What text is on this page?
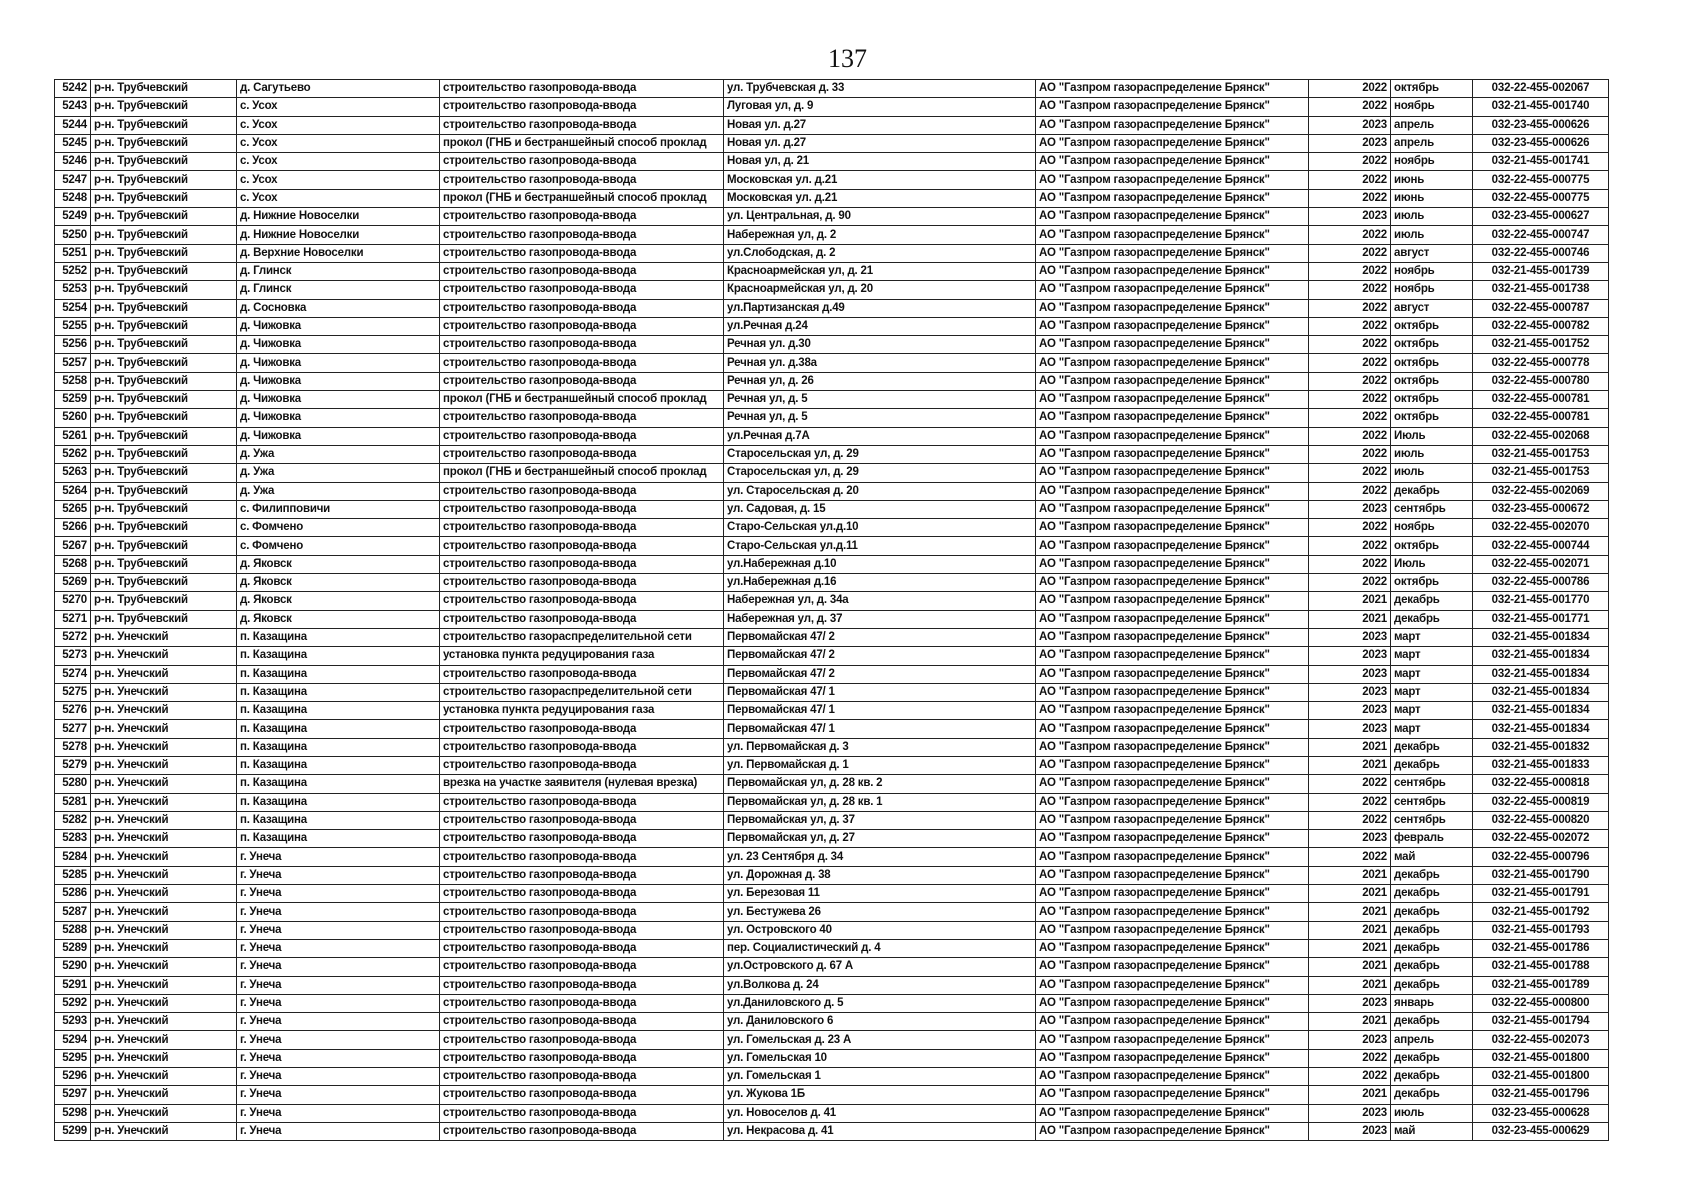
137
5242	р-н. Трубчевский	д. Сагутьево	строительство газопровода-ввода	ул. Трубчевская д. 33	АО "Газпром газораспределение Брянск"	2022	октябрь	032-22-455-002067
5243	р-н. Трубчевский	с. Усох	строительство газопровода-ввода	Луговая ул, д. 9	АО "Газпром газораспределение Брянск"	2022	ноябрь	032-21-455-001740
5244	р-н. Трубчевский	с. Усох	строительство газопровода-ввода	Новая ул. д.27	АО "Газпром газораспределение Брянск"	2023	апрель	032-23-455-000626
5245	р-н. Трубчевский	с. Усох	прокол (ГНБ и бестраншейный способ проклад	Новая ул. д.27	АО "Газпром газораспределение Брянск"	2023	апрель	032-23-455-000626
5246	р-н. Трубчевский	с. Усох	строительство газопровода-ввода	Новая ул, д. 21	АО "Газпром газораспределение Брянск"	2022	ноябрь	032-21-455-001741
5247	р-н. Трубчевский	с. Усох	строительство газопровода-ввода	Московская ул. д.21	АО "Газпром газораспределение Брянск"	2022	июнь	032-22-455-000775
5248	р-н. Трубчевский	с. Усох	прокол (ГНБ и бестраншейный способ проклад	Московская ул. д.21	АО "Газпром газораспределение Брянск"	2022	июнь	032-22-455-000775
5249	р-н. Трубчевский	д. Нижние Новоселки	строительство газопровода-ввода	ул. Центральная, д. 90	АО "Газпром газораспределение Брянск"	2023	июль	032-23-455-000627
5250	р-н. Трубчевский	д. Нижние Новоселки	строительство газопровода-ввода	Набережная ул, д. 2	АО "Газпром газораспределение Брянск"	2022	июль	032-22-455-000747
5251	р-н. Трубчевский	д. Верхние Новоселки	строительство газопровода-ввода	ул.Слободская, д. 2	АО "Газпром газораспределение Брянск"	2022	август	032-22-455-000746
5252	р-н. Трубчевский	д. Глинск	строительство газопровода-ввода	Красноармейская ул, д. 21	АО "Газпром газораспределение Брянск"	2022	ноябрь	032-21-455-001739
5253	р-н. Трубчевский	д. Глинск	строительство газопровода-ввода	Красноармейская ул, д. 20	АО "Газпром газораспределение Брянск"	2022	ноябрь	032-21-455-001738
5254	р-н. Трубчевский	д. Сосновка	строительство газопровода-ввода	ул.Партизанская д.49	АО "Газпром газораспределение Брянск"	2022	август	032-22-455-000787
5255	р-н. Трубчевский	д. Чижовка	строительство газопровода-ввода	ул.Речная д.24	АО "Газпром газораспределение Брянск"	2022	октябрь	032-22-455-000782
5256	р-н. Трубчевский	д. Чижовка	строительство газопровода-ввода	Речная ул. д.30	АО "Газпром газораспределение Брянск"	2022	октябрь	032-21-455-001752
5257	р-н. Трубчевский	д. Чижовка	строительство газопровода-ввода	Речная ул. д.38а	АО "Газпром газораспределение Брянск"	2022	октябрь	032-22-455-000778
5258	р-н. Трубчевский	д. Чижовка	строительство газопровода-ввода	Речная ул, д. 26	АО "Газпром газораспределение Брянск"	2022	октябрь	032-22-455-000780
5259	р-н. Трубчевский	д. Чижовка	прокол (ГНБ и бестраншейный способ проклад	Речная ул, д. 5	АО "Газпром газораспределение Брянск"	2022	октябрь	032-22-455-000781
5260	р-н. Трубчевский	д. Чижовка	строительство газопровода-ввода	Речная ул, д. 5	АО "Газпром газораспределение Брянск"	2022	октябрь	032-22-455-000781
5261	р-н. Трубчевский	д. Чижовка	строительство газопровода-ввода	ул.Речная д.7А	АО "Газпром газораспределение Брянск"	2022	Июль	032-22-455-002068
5262	р-н. Трубчевский	д. Ужа	строительство газопровода-ввода	Старосельская ул, д. 29	АО "Газпром газораспределение Брянск"	2022	июль	032-21-455-001753
5263	р-н. Трубчевский	д. Ужа	прокол (ГНБ и бестраншейный способ проклад	Старосельская ул, д. 29	АО "Газпром газораспределение Брянск"	2022	июль	032-21-455-001753
5264	р-н. Трубчевский	д. Ужа	строительство газопровода-ввода	ул. Старосельская д. 20	АО "Газпром газораспределение Брянск"	2022	декабрь	032-22-455-002069
5265	р-н. Трубчевский	с. Филипповичи	строительство газопровода-ввода	ул. Садовая, д. 15	АО "Газпром газораспределение Брянск"	2023	сентябрь	032-23-455-000672
5266	р-н. Трубчевский	с. Фомчено	строительство газопровода-ввода	Старо-Сельская ул.д.10	АО "Газпром газораспределение Брянск"	2022	ноябрь	032-22-455-002070
5267	р-н. Трубчевский	с. Фомчено	строительство газопровода-ввода	Старо-Сельская ул.д.11	АО "Газпром газораспределение Брянск"	2022	октябрь	032-22-455-000744
5268	р-н. Трубчевский	д. Яковск	строительство газопровода-ввода	ул.Набережная д.10	АО "Газпром газораспределение Брянск"	2022	Июль	032-22-455-002071
5269	р-н. Трубчевский	д. Яковск	строительство газопровода-ввода	ул.Набережная д.16	АО "Газпром газораспределение Брянск"	2022	октябрь	032-22-455-000786
5270	р-н. Трубчевский	д. Яковск	строительство газопровода-ввода	Набережная ул, д. 34а	АО "Газпром газораспределение Брянск"	2021	декабрь	032-21-455-001770
5271	р-н. Трубчевский	д. Яковск	строительство газопровода-ввода	Набережная ул, д. 37	АО "Газпром газораспределение Брянск"	2021	декабрь	032-21-455-001771
5272	р-н. Унечский	п. Казащина	строительство газораспределительной сети	Первомайская 47/ 2	АО "Газпром газораспределение Брянск"	2023	март	032-21-455-001834
5273	р-н. Унечский	п. Казащина	установка пункта редуцирования газа	Первомайская 47/ 2	АО "Газпром газораспределение Брянск"	2023	март	032-21-455-001834
5274	р-н. Унечский	п. Казащина	строительство газопровода-ввода	Первомайская 47/ 2	АО "Газпром газораспределение Брянск"	2023	март	032-21-455-001834
5275	р-н. Унечский	п. Казащина	строительство газораспределительной сети	Первомайская 47/ 1	АО "Газпром газораспределение Брянск"	2023	март	032-21-455-001834
5276	р-н. Унечский	п. Казащина	установка пункта редуцирования газа	Первомайская 47/ 1	АО "Газпром газораспределение Брянск"	2023	март	032-21-455-001834
5277	р-н. Унечский	п. Казащина	строительство газопровода-ввода	Первомайская 47/ 1	АО "Газпром газораспределение Брянск"	2023	март	032-21-455-001834
5278	р-н. Унечский	п. Казащина	строительство газопровода-ввода	ул. Первомайская д. 3	АО "Газпром газораспределение Брянск"	2021	декабрь	032-21-455-001832
5279	р-н. Унечский	п. Казащина	строительство газопровода-ввода	ул. Первомайская д. 1	АО "Газпром газораспределение Брянск"	2021	декабрь	032-21-455-001833
5280	р-н. Унечский	п. Казащина	врезка на участке заявителя (нулевая врезка)	Первомайская ул, д. 28 кв. 2	АО "Газпром газораспределение Брянск"	2022	сентябрь	032-22-455-000818
5281	р-н. Унечский	п. Казащина	строительство газопровода-ввода	Первомайская ул, д. 28 кв. 1	АО "Газпром газораспределение Брянск"	2022	сентябрь	032-22-455-000819
5282	р-н. Унечский	п. Казащина	строительство газопровода-ввода	Первомайская ул, д. 37	АО "Газпром газораспределение Брянск"	2022	сентябрь	032-22-455-000820
5283	р-н. Унечский	п. Казащина	строительство газопровода-ввода	Первомайская ул, д. 27	АО "Газпром газораспределение Брянск"	2023	февраль	032-22-455-002072
5284	р-н. Унечский	г. Унеча	строительство газопровода-ввода	ул. 23 Сентября д. 34	АО "Газпром газораспределение Брянск"	2022	май	032-22-455-000796
5285	р-н. Унечский	г. Унеча	строительство газопровода-ввода	ул. Дорожная д. 38	АО "Газпром газораспределение Брянск"	2021	декабрь	032-21-455-001790
5286	р-н. Унечский	г. Унеча	строительство газопровода-ввода	ул. Березовая 11	АО "Газпром газораспределение Брянск"	2021	декабрь	032-21-455-001791
5287	р-н. Унечский	г. Унеча	строительство газопровода-ввода	ул. Бестужева 26	АО "Газпром газораспределение Брянск"	2021	декабрь	032-21-455-001792
5288	р-н. Унечский	г. Унеча	строительство газопровода-ввода	ул. Островского 40	АО "Газпром газораспределение Брянск"	2021	декабрь	032-21-455-001793
5289	р-н. Унечский	г. Унеча	строительство газопровода-ввода	пер. Социалистический д. 4	АО "Газпром газораспределение Брянск"	2021	декабрь	032-21-455-001786
5290	р-н. Унечский	г. Унеча	строительство газопровода-ввода	ул.Островского д. 67 А	АО "Газпром газораспределение Брянск"	2021	декабрь	032-21-455-001788
5291	р-н. Унечский	г. Унеча	строительство газопровода-ввода	ул.Волкова д. 24	АО "Газпром газораспределение Брянск"	2021	декабрь	032-21-455-001789
5292	р-н. Унечский	г. Унеча	строительство газопровода-ввода	ул.Даниловского д. 5	АО "Газпром газораспределение Брянск"	2023	январь	032-22-455-000800
5293	р-н. Унечский	г. Унеча	строительство газопровода-ввода	ул. Даниловского 6	АО "Газпром газораспределение Брянск"	2021	декабрь	032-21-455-001794
5294	р-н. Унечский	г. Унеча	строительство газопровода-ввода	ул. Гомельская д. 23 А	АО "Газпром газораспределение Брянск"	2023	апрель	032-22-455-002073
5295	р-н. Унечский	г. Унеча	строительство газопровода-ввода	ул. Гомельская 10	АО "Газпром газораспределение Брянск"	2022	декабрь	032-21-455-001800
5296	р-н. Унечский	г. Унеча	строительство газопровода-ввода	ул. Гомельская 1	АО "Газпром газораспределение Брянск"	2022	декабрь	032-21-455-001800
5297	р-н. Унечский	г. Унеча	строительство газопровода-ввода	ул. Жукова 1Б	АО "Газпром газораспределение Брянск"	2021	декабрь	032-21-455-001796
5298	р-н. Унечский	г. Унеча	строительство газопровода-ввода	ул. Новоселов д. 41	АО "Газпром газораспределение Брянск"	2023	июль	032-23-455-000628
5299	р-н. Унечский	г. Унеча	строительство газопровода-ввода	ул. Некрасова д. 41	АО "Газпром газораспределение Брянск"	2023	май	032-23-455-000629
